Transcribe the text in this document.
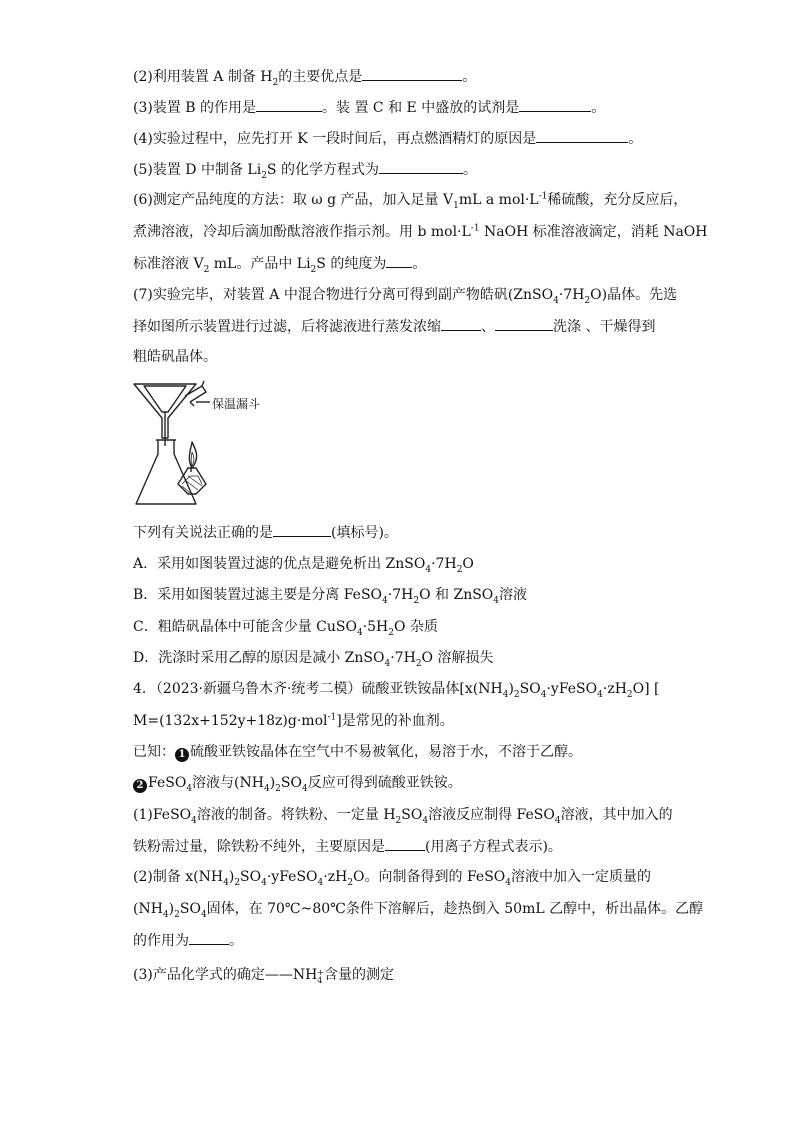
(2)利用装置 A 制备 $H_2$的主要优点是	。
(3)装置 B 的作用是	。装 置 C 和 E 中盛放的试剂是	。
(4)实验过程中，应先打开 K 一段时间后，再点燃酒精灯的原因是	。
(5)装置 D 中制备 $Li_2S$ 的化学方程式为	。
(6)测定产品纯度的方法：取 ω g 产品，加入足量 $V_1mL$ a $mol\cdot L^{-1}$稀硫酸，充分反应后，
煮沸溶液，冷却后滴加酚酞溶液作指示剂。用 b $mol\cdot L^{-1}$ NaOH 标准溶液滴定，消耗 NaOH
标准溶液 $V_2$ mL。产品中 $Li_2S$ 的纯度为 。
(7)实验完毕，对装置 A 中混合物进行分离可得到副产物皓矾$(ZnSO_4\cdot 7H_2O)$晶体。先选
择如图所示装置进行过滤，后将滤液进行蒸发浓缩	、	洗涤 、干燥得到
粗皓矾晶体。
保温漏斗
下列有关说法正确的是	(填标号)。
A．采用如图装置过滤的优点是避免析出 $ZnSO_4\cdot 7H_2O$
B．采用如图装置过滤主要是分离 $FeSO_4\cdot 7H_2O$ 和 ZnSO$_4$溶液
C．粗皓矾晶体中可能含少量 $CuSO_4\cdot 5H_2O$ 杂质
D．洗涤时采用乙醇的原因是减小 $ZnSO_4\cdot 7H_2O$ 溶解损失
4．（2023·新疆乌鲁木齐·统考二模）硫酸亚铁铵晶体$[x(NH_4)_2SO_4\cdot yFeSO_4\cdot zH_2O]$ [
M=(132x+152y+18z)g·mol$^{-1}$]是常见的补血剂。
已知： 1 硫酸亚铁铵晶体在空气中不易被氧化，易溶于水，不溶于乙醇。
2 FeSO$_4$溶液与$(NH_4)_2SO_4$反应可得到硫酸亚铁铵。
(1)FeSO$_4$溶液的制备。将铁粉、一定量 $H_2SO_4$溶液反应制得 FeSO$_4$溶液，其中加入的
铁粉需过量，除铁粉不纯外，主要原因是	(用离子方程式表示)。
(2)制备 $x(NH_4)_2SO_4\cdot yFeSO_4\cdot zH_2O$。向制备得到的 FeSO$_4$溶液中加入一定质量的
$(NH_4)_2SO_4$固体，在 70℃~80℃条件下溶解后，趁热倒入 50mL 乙醇中，析出晶体。乙醇
的作用为	。
(3)产品化学式的确定——NH +
4 含量的测定
